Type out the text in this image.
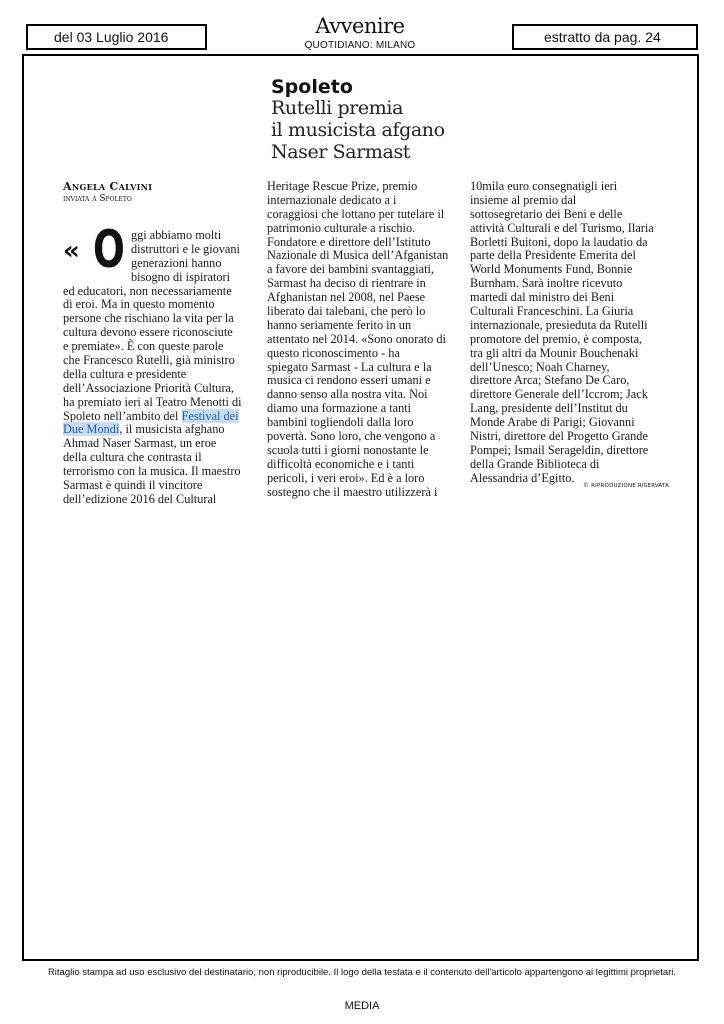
del 03 Luglio 2016	Avvenire
QUOTIDIANO: MILANO
estratto da pag. 24
Spoleto
Rutelli premia
il musicista afgano
Naser Sarmast
Angela Calvini
inviata a Spoleto
« O ggi abbiamo molti
distruttori e le giovani
generazioni hanno
bisogno di ispiratori
ed educatori, non necessariamente
di eroi. Ma in questo momento
persone che rischiano la vita per la
cultura devono essere riconosciute
e premiate». È con queste parole
che Francesco Rutelli, già ministro
della cultura e presidente
dell’Associazione Priorità Cultura,
ha premiato ieri al Teatro Menotti di
Spoleto nell’ambito del Festival dei
Due Mondi, il musicista afghano
Ahmad Naser Sarmast, un eroe
della cultura che contrasta il
terrorismo con la musica. Il maestro
Sarmast è quindi il vincitore
dell’edizione 2016 del Cultural
Heritage Rescue Prize, premio
internazionale dedicato a i
coraggiosi che lottano per tutelare il
patrimonio culturale a rischio.
Fondatore e direttore dell’Istituto
Nazionale di Musica dell’Afganistan
a favore dei bambini svantaggiati,
Sarmast ha deciso di rientrare in
Afghanistan nel 2008, nel Paese
liberato dai talebani, che però lo
hanno seriamente ferito in un
attentato nel 2014. «Sono onorato di
questo riconoscimento - ha
spiegato Sarmast - La cultura e la
musica ci rendono esseri umani e
danno senso alla nostra vita. Noi
diamo una formazione a tanti
bambini togliendoli dalla loro
povertà. Sono loro, che vengono a
scuola tutti i giorni nonostante le
difficoltà economiche e i tanti
pericoli, i veri eroi». Ed è a loro
sostegno che il maestro utilizzerà i
10mila euro consegnatigli ieri
insieme al premio dal
sottosegretario dei Beni e delle
attività Culturali e del Turismo, Ilaria
Borletti Buitoni, dopo la laudatio da
parte della Presidente Emerita del
World Monuments Fund, Bonnie
Burnham. Sarà inoltre ricevuto
martedì dal ministro dei Beni
Culturali Franceschini. La Giuria
internazionale, presieduta da Rutelli
promotore del premio, è composta,
tra gli altri da Mounir Bouchenaki
dell’Unesco; Noah Charney,
direttore Arca; Stefano De Caro,
direttore Generale dell’Iccrom; Jack
Lang, presidente dell’Institut du
Monde Arabe di Parigi; Giovanni
Nistri, direttore del Progetto Grande
Pompei; Ismail Serageldin, direttore
della Grande Biblioteca di
Alessandria d’Egitto.
© RIPRODUZIONE RISERVATA
Ritaglio stampa ad uso esclusivo del destinatario, non riproducibile. Il logo della testata e il contenuto dell'articolo appartengono ai legittimi proprietari.
MEDIA
